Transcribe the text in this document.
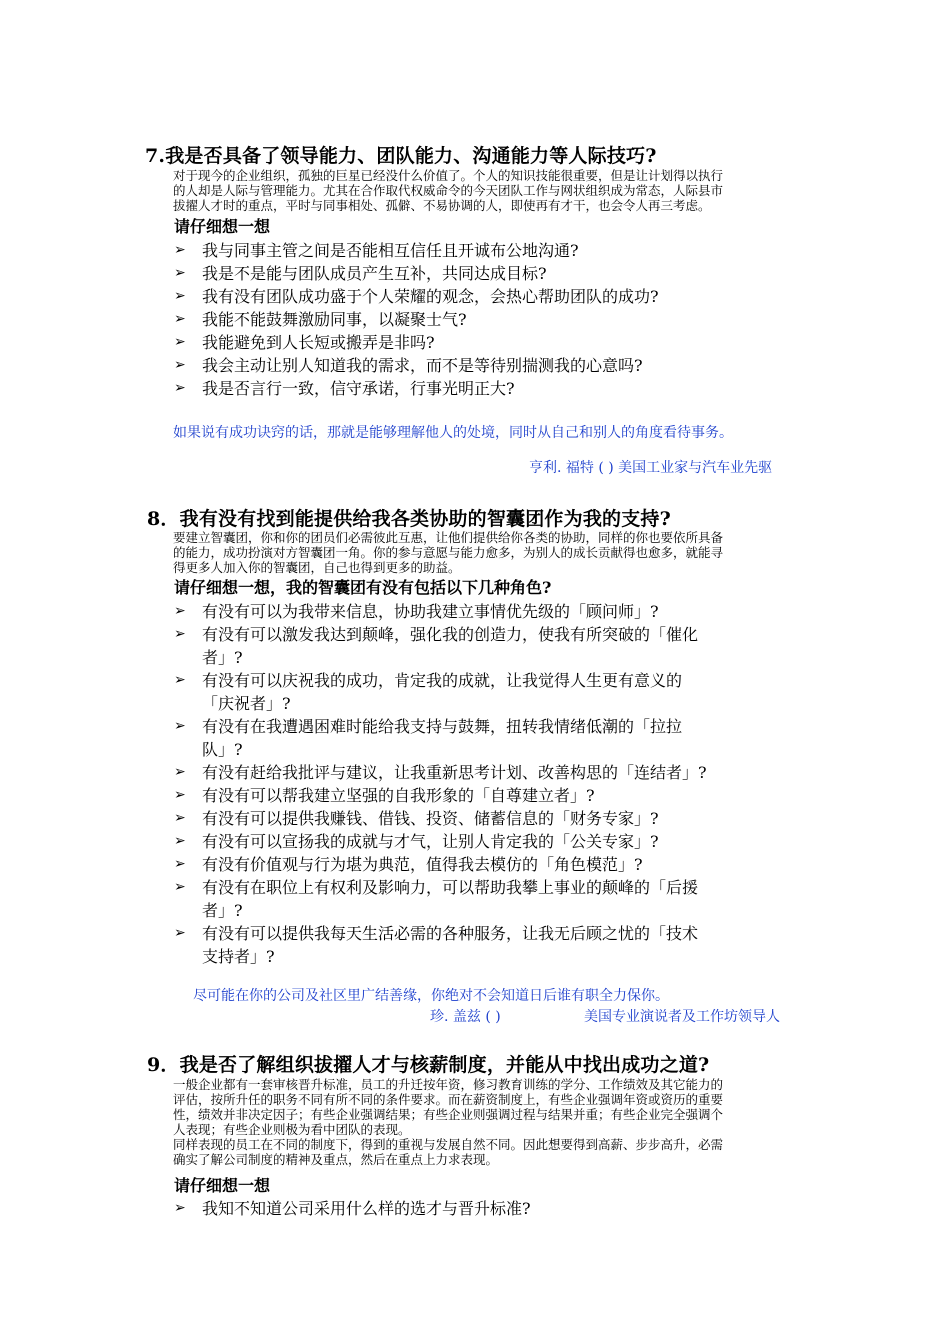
7.我是否具备了领导能力、团队能力、沟通能力等人际技巧?
对于现今的企业组织，孤独的巨星已经没什么价值了。个人的知识技能很重要，但是让计划得以执行
的人却是人际与管理能力。尤其在合作取代权威命令的今天团队工作与网状组织成为常态，人际县市
拔擢人才时的重点，平时与同事相处、孤僻、不易协调的人，即使再有才干，也会令人再三考虑。
请仔细想一想
➢	我与同事主管之间是否能相互信任且开诚布公地沟通?
➢	我是不是能与团队成员产生互补，共同达成目标?
➢	我有没有团队成功盛于个人荣耀的观念，会热心帮助团队的成功?
➢	我能不能鼓舞激励同事，以凝聚士气?
➢	我能避免到人长短或搬弄是非吗?
➢	我会主动让别人知道我的需求，而不是等待别揣测我的心意吗?
➢	我是否言行一致，信守承诺，行事光明正大?
如果说有成功诀窍的话，那就是能够理解他人的处境，同时从自己和别人的角度看待事务。
亨利. 福特 ( ) 美国工业家与汽车业先驱
8．我有没有找到能提供给我各类协助的智囊团作为我的支持?
要建立智囊团，你和你的团员们必需彼此互惠，让他们提供给你各类的协助，同样的你也要依所具备
的能力，成功扮演对方智囊团一角。你的参与意愿与能力愈多，为别人的成长贡献得也愈多，就能寻
得更多人加入你的智囊团，自己也得到更多的助益。
请仔细想一想，我的智囊团有没有包括以下几种角色?
➢ 有没有可以为我带来信息，协助我建立事情优先级的「顾问师」?
➢ 有没有可以激发我达到颠峰，强化我的创造力，使我有所突破的「催化
者」?
➢ 有没有可以庆祝我的成功，肯定我的成就，让我觉得人生更有意义的
「庆祝者」?
➢ 有没有在我遭遇困难时能给我支持与鼓舞，扭转我情绪低潮的「拉拉
队」?
➢ 有没有赶给我批评与建议，让我重新思考计划、改善构思的「连结者」?
➢ 有没有可以帮我建立坚强的自我形象的「自尊建立者」?
➢ 有没有可以提供我赚钱、借钱、投资、储蓄信息的「财务专家」?
➢ 有没有可以宣扬我的成就与才气，让别人肯定我的「公关专家」?
➢ 有没有价值观与行为堪为典范，值得我去模仿的「角色模范」?
➢ 有没有在职位上有权利及影响力，可以帮助我攀上事业的颠峰的「后援
者」?
➢ 有没有可以提供我每天生活必需的各种服务，让我无后顾之忧的「技术
支持者」?
尽可能在你的公司及社区里广结善缘，你绝对不会知道日后谁有职全力保你。
珍. 盖兹 ( )	美国专业演说者及工作坊领导人
9．我是否了解组织拔擢人才与核薪制度，并能从中找出成功之道?
一般企业都有一套审核晋升标准，员工的升迁按年资，修习教育训练的学分、工作绩效及其它能力的
评估，按所升任的职务不同有所不同的条件要求。而在薪资制度上，有些企业强调年资或资历的重要
性，绩效并非决定因子；有些企业强调结果；有些企业则强调过程与结果并重；有些企业完全强调个
人表现；有些企业则极为看中团队的表现。
同样表现的员工在不同的制度下，得到的重视与发展自然不同。因此想要得到高薪、步步高升，必需
确实了解公司制度的精神及重点，然后在重点上力求表现。
请仔细想一想
➢	我知不知道公司采用什么样的选才与晋升标准?
